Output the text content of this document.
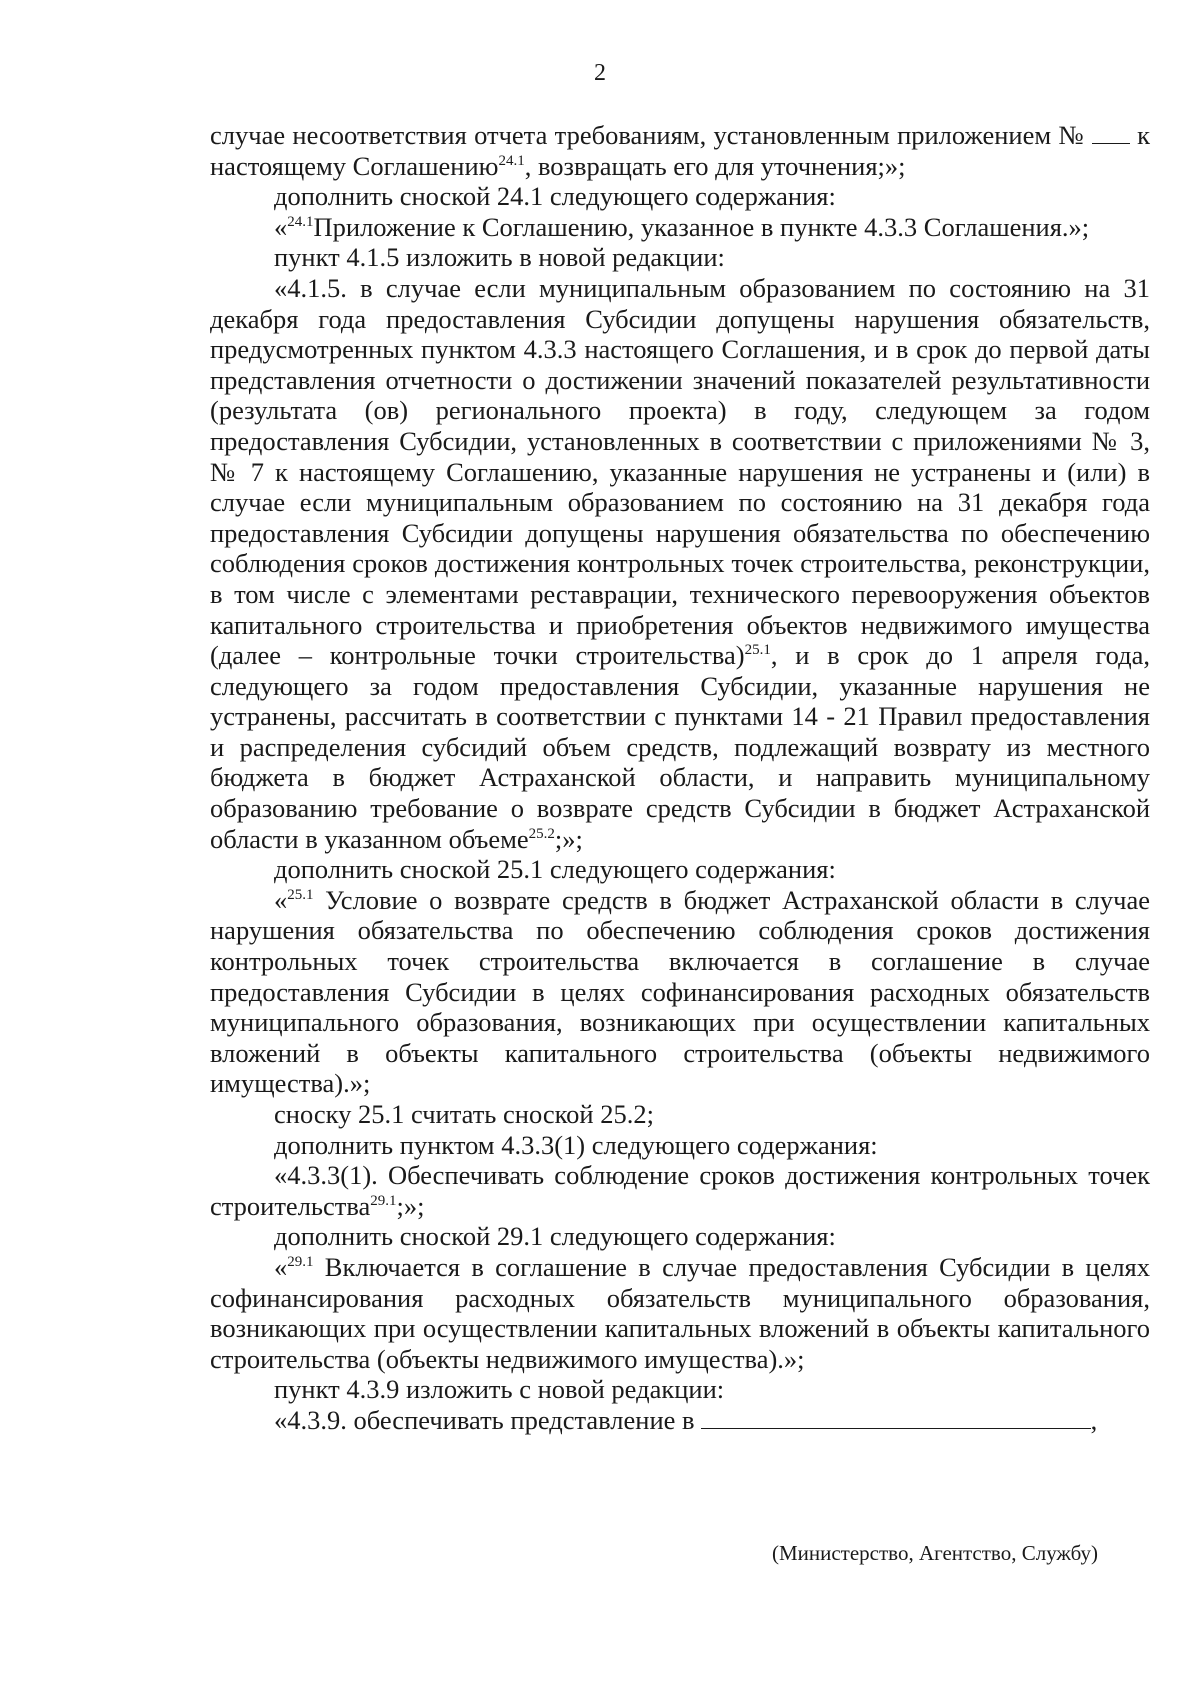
2

случае несоответствия отчета требованиям, установленным приложением №  к настоящему Соглашению$^{24.1}$, возвращать его для уточнения;»;

дополнить сноской 24.1 следующего содержания:

«$^{24.1}$Приложение к Соглашению, указанное в пункте 4.3.3 Соглашения.»;

пункт 4.1.5 изложить в новой редакции:

«4.1.5. в случае если муниципальным образованием по состоянию на 31 декабря года предоставления Субсидии допущены нарушения обязательств, предусмотренных пунктом 4.3.3 настоящего Соглашения, и в срок до первой даты представления отчетности о достижении значений показателей результативности (результата (ов) регионального проекта) в году, следующем за годом предоставления Субсидии, установленных в соответствии с приложениями № 3, № 7 к настоящему Соглашению, указанные нарушения не устранены и (или) в случае если муниципальным образованием по состоянию на 31 декабря года предоставления Субсидии допущены нарушения обязательства по обеспечению соблюдения сроков достижения контрольных точек строительства, реконструкции, в том числе с элементами реставрации, технического перевооружения объектов капитального строительства и приобретения объектов недвижимого имущества (далее – контрольные точки строительства)$^{25.1}$, и в срок до 1 апреля года, следующего за годом предоставления Субсидии, указанные нарушения не устранены, рассчитать в соответствии с пунктами 14 - 21 Правил предоставления и распределения субсидий объем средств, подлежащий возврату из местного бюджета в бюджет Астраханской области, и направить муниципальному образованию требование о возврате средств Субсидии в бюджет Астраханской области в указанном объеме$^{25.2}$;»;

дополнить сноской 25.1 следующего содержания:

«$^{25.1}$ Условие о возврате средств в бюджет Астраханской области в случае нарушения обязательства по обеспечению соблюдения сроков достижения контрольных точек строительства включается в соглашение в случае предоставления Субсидии в целях софинансирования расходных обязательств муниципального образования, возникающих при осуществлении капитальных вложений в объекты капитального строительства (объекты недвижимого имущества).»;

сноску 25.1 считать сноской 25.2;

дополнить пунктом 4.3.3(1) следующего содержания:

«4.3.3(1). Обеспечивать соблюдение сроков достижения контрольных точек строительства$^{29.1}$;»;

дополнить сноской 29.1 следующего содержания:

«$^{29.1}$ Включается в соглашение в случае предоставления Субсидии в целях софинансирования расходных обязательств муниципального образования, возникающих при осуществлении капитальных вложений в объекты капитального строительства (объекты недвижимого имущества).»;

пункт 4.3.9 изложить с новой редакции:

«4.3.9. обеспечивать представление в	,

(Министерство, Агентство, Службу)
